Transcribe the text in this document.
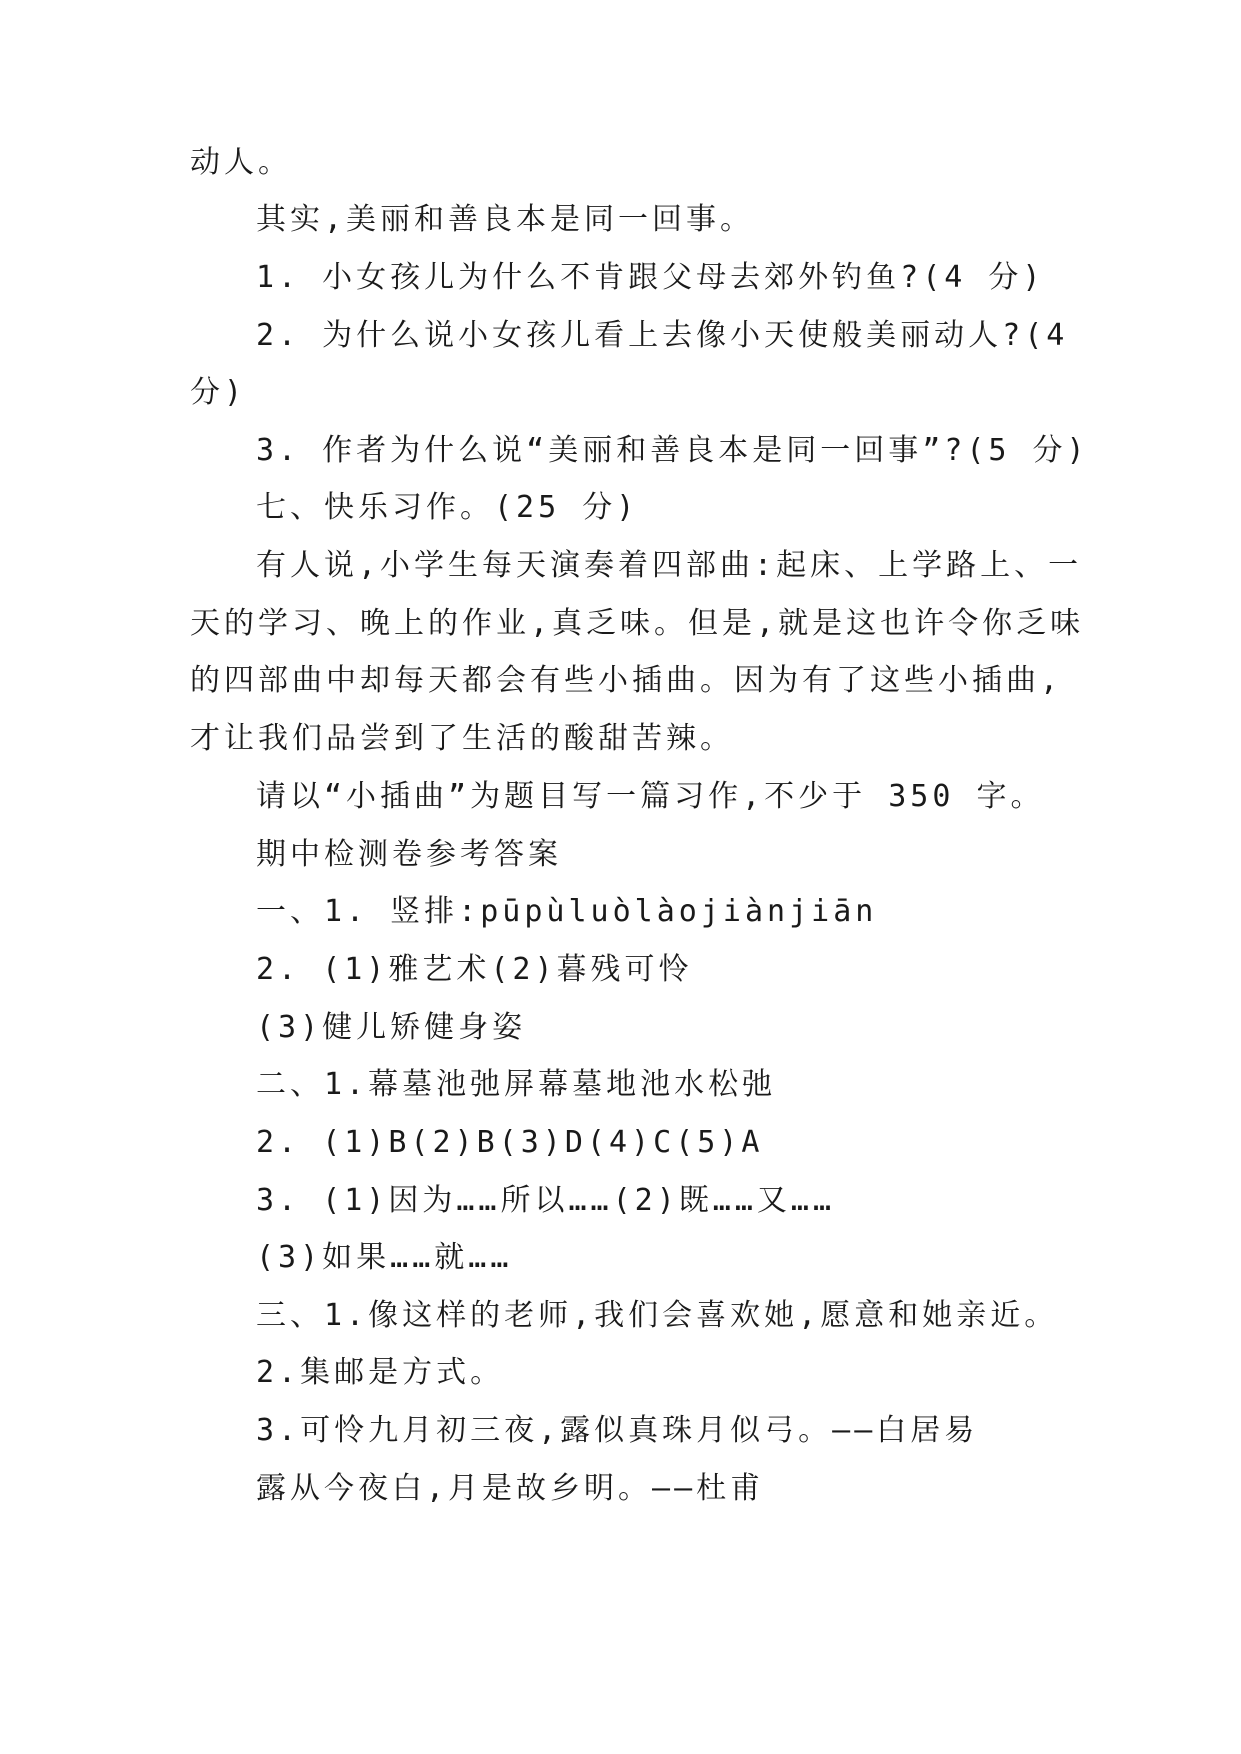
动人。
其实,美丽和善良本是同一回事。
1. 小女孩儿为什么不肯跟父母去郊外钓鱼?(4 分)
2. 为什么说小女孩儿看上去像小天使般美丽动人?(4
分)
3. 作者为什么说“美丽和善良本是同一回事”?(5 分)
七、快乐习作。(25 分)
有人说,小学生每天演奏着四部曲:起床、上学路上、一
天的学习、晚上的作业,真乏味。但是,就是这也许令你乏味
的四部曲中却每天都会有些小插曲。因为有了这些小插曲,
才让我们品尝到了生活的酸甜苦辣。
请以“小插曲”为题目写一篇习作,不少于 350 字。
期中检测卷参考答案
一、1. 竖排:pūpùluòlàojiànjiān
2. (1)雅艺术(2)暮残可怜
(3)健儿矫健身姿
二、1.幕墓池弛屏幕墓地池水松弛
2. (1)B(2)B(3)D(4)C(5)A
3. (1)因为……所以……(2)既……又……
(3)如果……就……
三、1.像这样的老师,我们会喜欢她,愿意和她亲近。
2.集邮是方式。
3.可怜九月初三夜,露似真珠月似弓。——白居易
露从今夜白,月是故乡明。——杜甫
